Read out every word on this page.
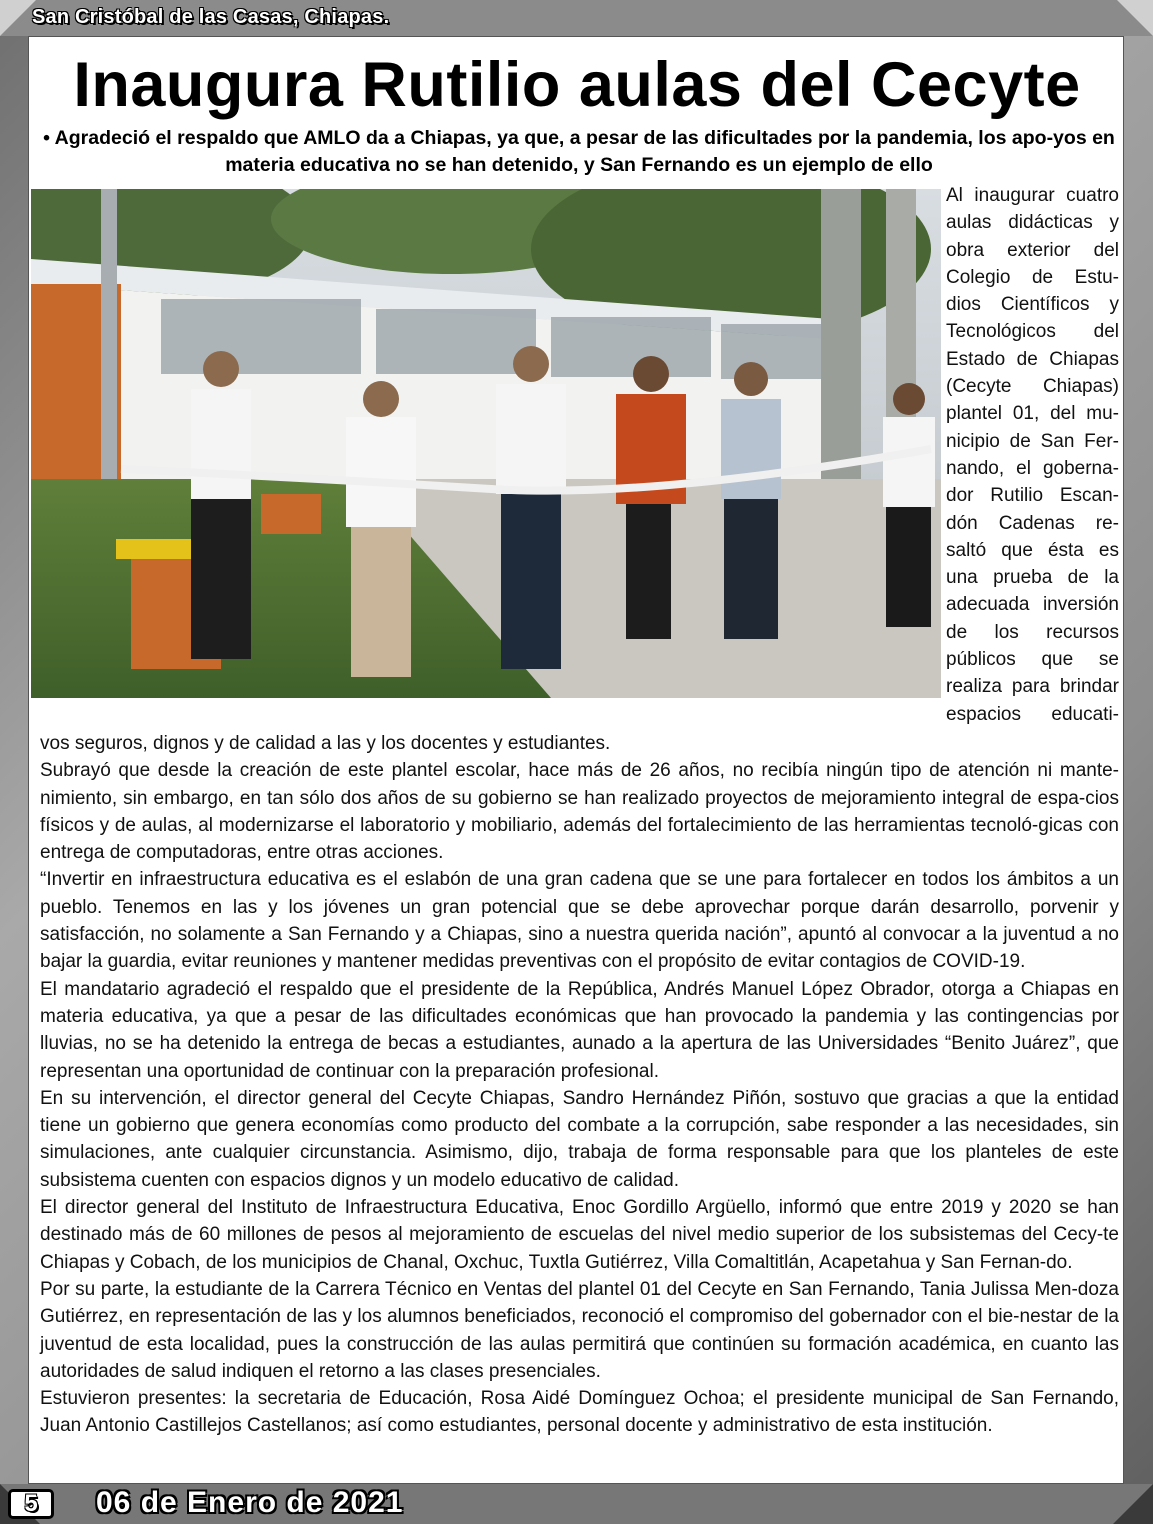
San Cristóbal de las Casas, Chiapas.
Inaugura Rutilio aulas del Cecyte
• Agradeció el respaldo que AMLO da a Chiapas, ya que, a pesar de las dificultades por la pandemia, los apo-yos en materia educativa no se han detenido, y San Fernando es un ejemplo de ello
Al inaugurar cuatro aulas didácticas y obra exterior del Colegio de Estu-dios Científicos y Tecnológicos del Estado de Chiapas (Cecyte Chiapas) plantel 01, del mu-nicipio de San Fer-nando, el goberna-dor Rutilio Escan-dón Cadenas re-saltó que ésta es una prueba de la adecuada inversión de los recursos públicos que se realiza para brindar espacios educati-

vos seguros, dignos y de calidad a las y los docentes y estudiantes.

Subrayó que desde la creación de este plantel escolar, hace más de 26 años, no recibía ningún tipo de atención ni mante-nimiento, sin embargo, en tan sólo dos años de su gobierno se han realizado proyectos de mejoramiento integral de espa-cios físicos y de aulas, al modernizarse el laboratorio y mobiliario, además del fortalecimiento de las herramientas tecnoló-gicas con entrega de computadoras, entre otras acciones.

“Invertir en infraestructura educativa es el eslabón de una gran cadena que se une para fortalecer en todos los ámbitos a un pueblo. Tenemos en las y los jóvenes un gran potencial que se debe aprovechar porque darán desarrollo, porvenir y satisfacción, no solamente a San Fernando y a Chiapas, sino a nuestra querida nación”, apuntó al convocar a la juventud a no bajar la guardia, evitar reuniones y mantener medidas preventivas con el propósito de evitar contagios de COVID-19.

El mandatario agradeció el respaldo que el presidente de la República, Andrés Manuel López Obrador, otorga a Chiapas en materia educativa, ya que a pesar de las dificultades económicas que han provocado la pandemia y las contingencias por lluvias, no se ha detenido la entrega de becas a estudiantes, aunado a la apertura de las Universidades “Benito Juárez”, que representan una oportunidad de continuar con la preparación profesional.

En su intervención, el director general del Cecyte Chiapas, Sandro Hernández Piñón, sostuvo que gracias a que la entidad tiene un gobierno que genera economías como producto del combate a la corrupción, sabe responder a las necesidades, sin simulaciones, ante cualquier circunstancia. Asimismo, dijo, trabaja de forma responsable para que los planteles de este subsistema cuenten con espacios dignos y un modelo educativo de calidad.

El director general del Instituto de Infraestructura Educativa, Enoc Gordillo Argüello, informó que entre 2019 y 2020 se han destinado más de 60 millones de pesos al mejoramiento de escuelas del nivel medio superior de los subsistemas del Cecy-te Chiapas y Cobach, de los municipios de Chanal, Oxchuc, Tuxtla Gutiérrez, Villa Comaltitlán, Acapetahua y San Fernan-do.

Por su parte, la estudiante de la Carrera Técnico en Ventas del plantel 01 del Cecyte en San Fernando, Tania Julissa Men-doza Gutiérrez, en representación de las y los alumnos beneficiados, reconoció el compromiso del gobernador con el bie-nestar de la juventud de esta localidad, pues la construcción de las aulas permitirá que continúen su formación académica, en cuanto las autoridades de salud indiquen el retorno a las clases presenciales.

Estuvieron presentes: la secretaria de Educación, Rosa Aidé Domínguez Ochoa; el presidente municipal de San Fernando, Juan Antonio Castillejos Castellanos; así como estudiantes, personal docente y administrativo de esta institución.

5	06 de Enero de 2021
